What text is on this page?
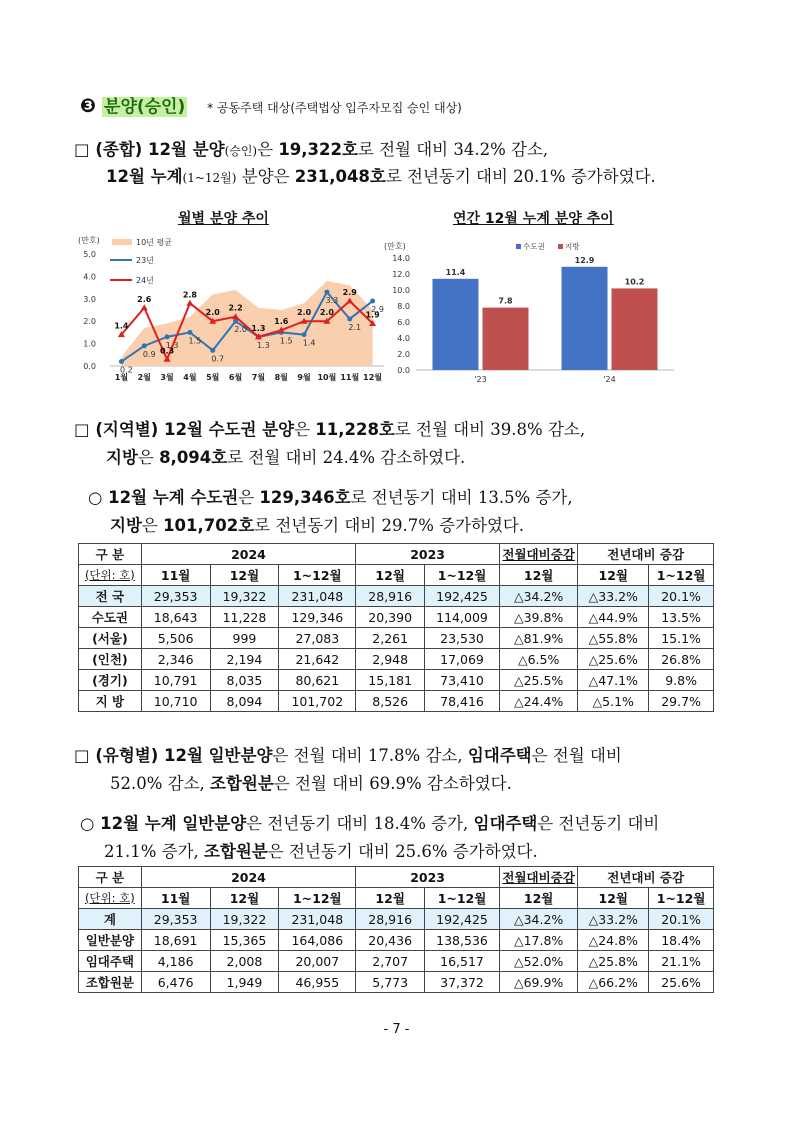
❸ 분양(승인) * 공동주택 대상(주택법상 입주자모집 승인 대상)
□ (종합) 12월 분양(승인)은 19,322호로 전월 대비 34.2% 감소,
12월 누계(1~12월) 분양은 231,048호로 전년동기 대비 20.1% 증가하였다.
월별 분양 추이	연간 12월 누계 분양 추이
(만호)
0.0
1.0
2.0
3.0
4.0
5.0
1월 2월 3월 4월 5월 6월 7월 8월 9월 10월 11월 12월
0.2
0.9
1.3 1.5
0.7
2.0
1.3 1.5 1.4
3.3
2.1
2.9
1.4
2.6
0.3
2.8
2.0 2.2
1.3
1.6
2.0 2.0
2.9
1.9
10년 평균
23년
24년
(만호)
0.0
2.0
4.0
6.0
8.0
10.0
12.0
14.0
11.4
7.8
'23
12.9
10.2
'24
수도권	지방
□ (지역별) 12월 수도권 분양은 11,228호로 전월 대비 39.8% 감소,
지방은 8,094호로 전월 대비 24.4% 감소하였다.
○ 12월 누계 수도권은 129,346호로 전년동기 대비 13.5% 증가,
지방은 101,702호로 전년동기 대비 29.7% 증가하였다.
구 분	2024			2023		전월대비증감	전년대비 증감	
(단위: 호)	11월	12월	1~12월	12월	1~12월	12월	12월	1~12월
전 국	29,353	19,322	231,048	28,916	192,425	△34.2%	△33.2%	20.1%
수도권	18,643	11,228	129,346	20,390	114,009	△39.8%	△44.9%	13.5%
(서울)	5,506	999	27,083	2,261	23,530	△81.9%	△55.8%	15.1%
(인천)	2,346	2,194	21,642	2,948	17,069	△6.5%	△25.6%	26.8%
(경기)	10,791	8,035	80,621	15,181	73,410	△25.5%	△47.1%	9.8%
지 방	10,710	8,094	101,702	8,526	78,416	△24.4%	△5.1%	29.7%
□ (유형별) 12월 일반분양은 전월 대비 17.8% 감소, 임대주택은 전월 대비
52.0% 감소, 조합원분은 전월 대비 69.9% 감소하였다.
○ 12월 누계 일반분양은 전년동기 대비 18.4% 증가, 임대주택은 전년동기 대비
21.1% 증가, 조합원분은 전년동기 대비 25.6% 증가하였다.
구 분	2024			2023		전월대비증감	전년대비 증감	
(단위: 호)	11월	12월	1~12월	12월	1~12월	12월	12월	1~12월
계	29,353	19,322	231,048	28,916	192,425	△34.2%	△33.2%	20.1%
일반분양	18,691	15,365	164,086	20,436	138,536	△17.8%	△24.8%	18.4%
임대주택	4,186	2,008	20,007	2,707	16,517	△52.0%	△25.8%	21.1%
조합원분	6,476	1,949	46,955	5,773	37,372	△69.9%	△66.2%	25.6%
- 7 -
